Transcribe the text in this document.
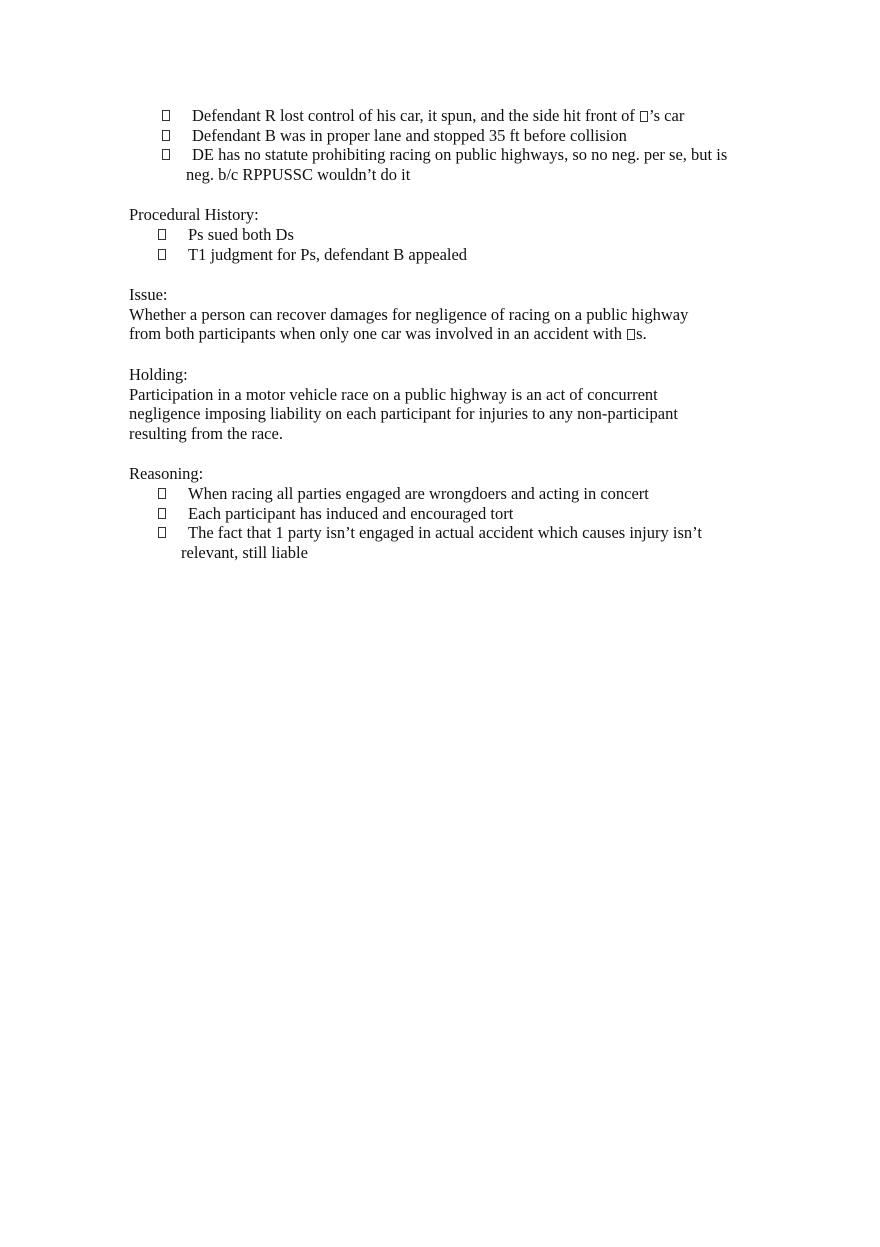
Defendant R lost control of his car, it spun, and the side hit front of ’s car
Defendant B was in proper lane and stopped 35 ft before collision
DE has no statute prohibiting racing on public highways, so no neg. per se, but is
neg. b/c RPPUSSC wouldn’t do it
Procedural History:
Ps sued both Ds
T1 judgment for Ps, defendant B appealed
Issue:
Whether a person can recover damages for negligence of racing on a public highway
from both participants when only one car was involved in an accident with s.
Holding:
Participation in a motor vehicle race on a public highway is an act of concurrent
negligence imposing liability on each participant for injuries to any non-participant
resulting from the race.
Reasoning:
When racing all parties engaged are wrongdoers and acting in concert
Each participant has induced and encouraged tort
The fact that 1 party isn’t engaged in actual accident which causes injury isn’t
relevant, still liable
